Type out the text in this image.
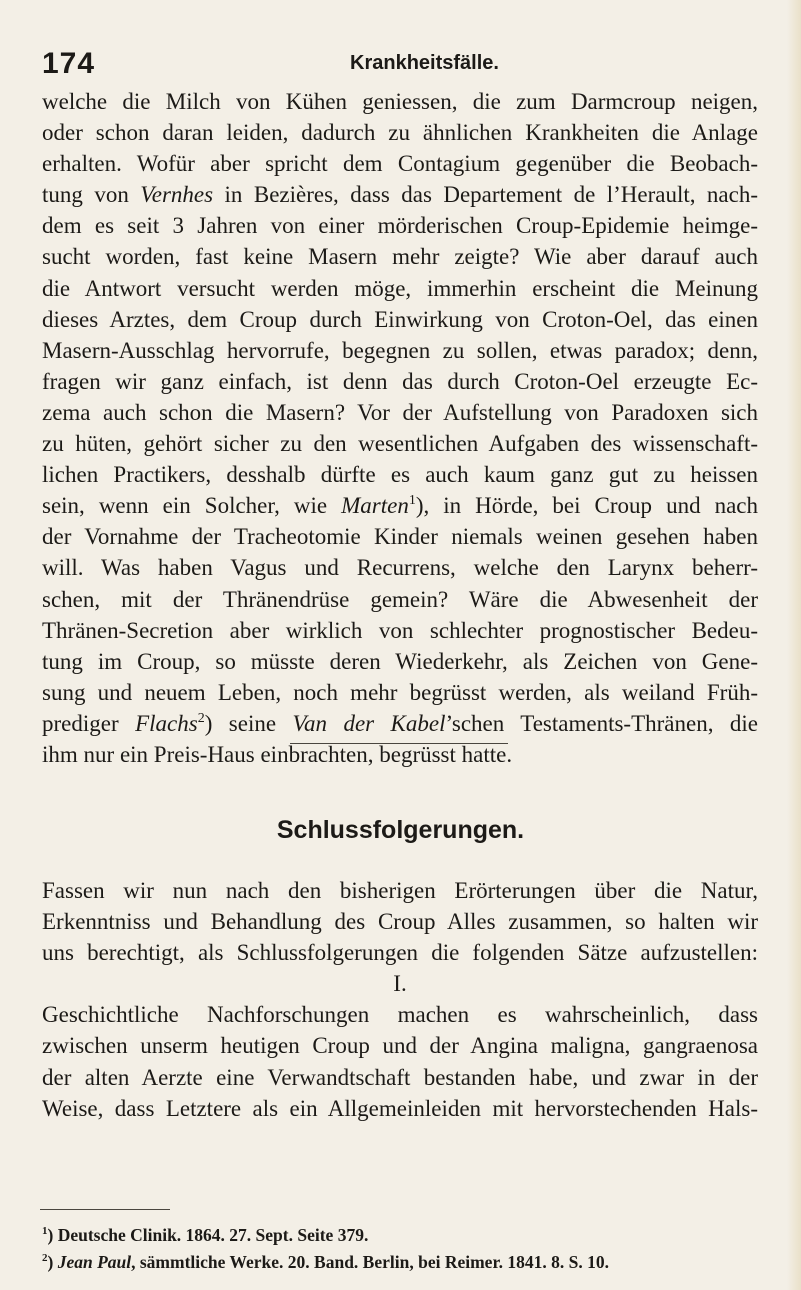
174	Krankheitsfälle.
welche die Milch von Kühen geniessen, die zum Darmcroup neigen,
oder schon daran leiden, dadurch zu ähnlichen Krankheiten die Anlage
erhalten. Wofür aber spricht dem Contagium gegenüber die Beobach-
tung von Vernhes in Bezières, dass das Departement de l’Herault, nach-
dem es seit 3 Jahren von einer mörderischen Croup-Epidemie heimge-
sucht worden, fast keine Masern mehr zeigte? Wie aber darauf auch
die Antwort versucht werden möge, immerhin erscheint die Meinung
dieses Arztes, dem Croup durch Einwirkung von Croton-Oel, das einen
Masern-Ausschlag hervorrufe, begegnen zu sollen, etwas paradox; denn,
fragen wir ganz einfach, ist denn das durch Croton-Oel erzeugte Ec-
zema auch schon die Masern? Vor der Aufstellung von Paradoxen sich
zu hüten, gehört sicher zu den wesentlichen Aufgaben des wissenschaft-
lichen Practikers, desshalb dürfte es auch kaum ganz gut zu heissen
sein, wenn ein Solcher, wie Marten$^1$), in Hörde, bei Croup und nach
der Vornahme der Tracheotomie Kinder niemals weinen gesehen haben
will. Was haben Vagus und Recurrens, welche den Larynx beherr-
schen, mit der Thränendrüse gemein? Wäre die Abwesenheit der
Thränen-Secretion aber wirklich von schlechter prognostischer Bedeu-
tung im Croup, so müsste deren Wiederkehr, als Zeichen von Gene-
sung und neuem Leben, noch mehr begrüsst werden, als weiland Früh-
prediger Flachs$^2$) seine Van der Kabel’schen Testaments-Thränen, die
ihm nur ein Preis-Haus einbrachten, begrüsst hatte.
Schlussfolgerungen.
Fassen wir nun nach den bisherigen Erörterungen über die Natur,
Erkenntniss und Behandlung des Croup Alles zusammen, so halten wir
uns berechtigt, als Schlussfolgerungen die folgenden Sätze aufzustellen:
I.
Geschichtliche Nachforschungen machen es wahrscheinlich, dass
zwischen unserm heutigen Croup und der Angina maligna, gangraenosa
der alten Aerzte eine Verwandtschaft bestanden habe, und zwar in der
Weise, dass Letztere als ein Allgemeinleiden mit hervorstechenden Hals-
$^1$) Deutsche Clinik. 1864. 27. Sept. Seite 379.
$^2$) Jean Paul, sämmtliche Werke. 20. Band. Berlin, bei Reimer. 1841. 8. S. 10.
